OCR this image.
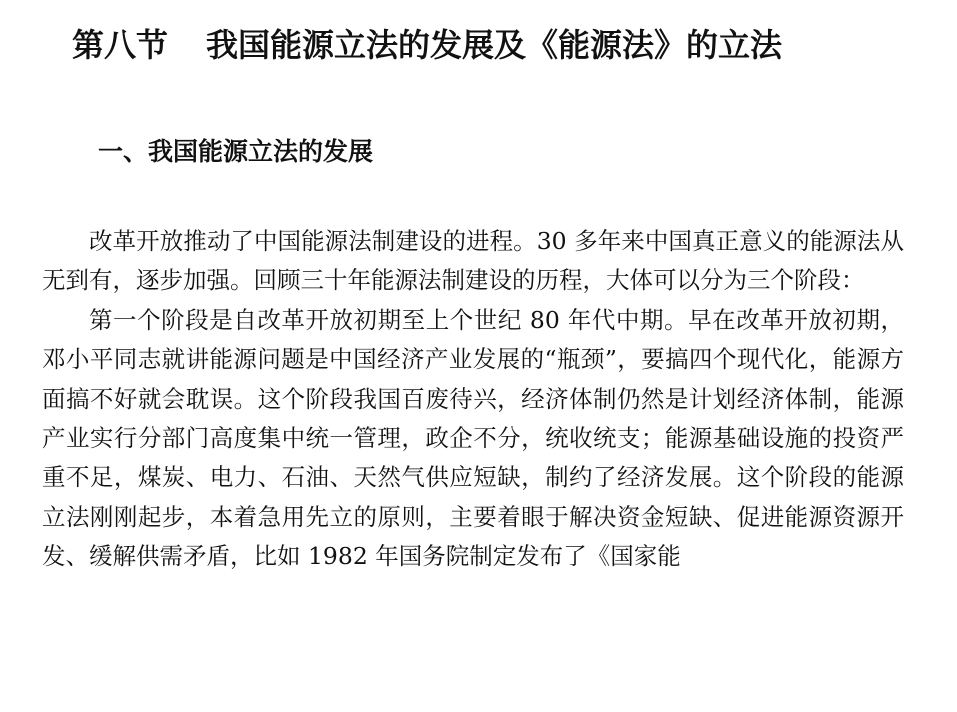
第八节 我国能源立法的发展及《能源法》的立法
一、我国能源立法的发展

改革开放推动了中国能源法制建设的进程。30 多年来中国真正意义的能源法从无到有，逐步加强。回顾三十年能源法制建设的历程，大体可以分为三个阶段：

第一个阶段是自改革开放初期至上个世纪 80 年代中期。早在改革开放初期，邓小平同志就讲能源问题是中国经济产业发展的“瓶颈”，要搞四个现代化，能源方面搞不好就会耽误。这个阶段我国百废待兴，经济体制仍然是计划经济体制，能源产业实行分部门高度集中统一管理，政企不分，统收统支；能源基础设施的投资严重不足，煤炭、电力、石油、天然气供应短缺，制约了经济发展。这个阶段的能源立法刚刚起步，本着急用先立的原则，主要着眼于解决资金短缺、促进能源资源开发、缓解供需矛盾，比如 1982 年国务院制定发布了《国家能
